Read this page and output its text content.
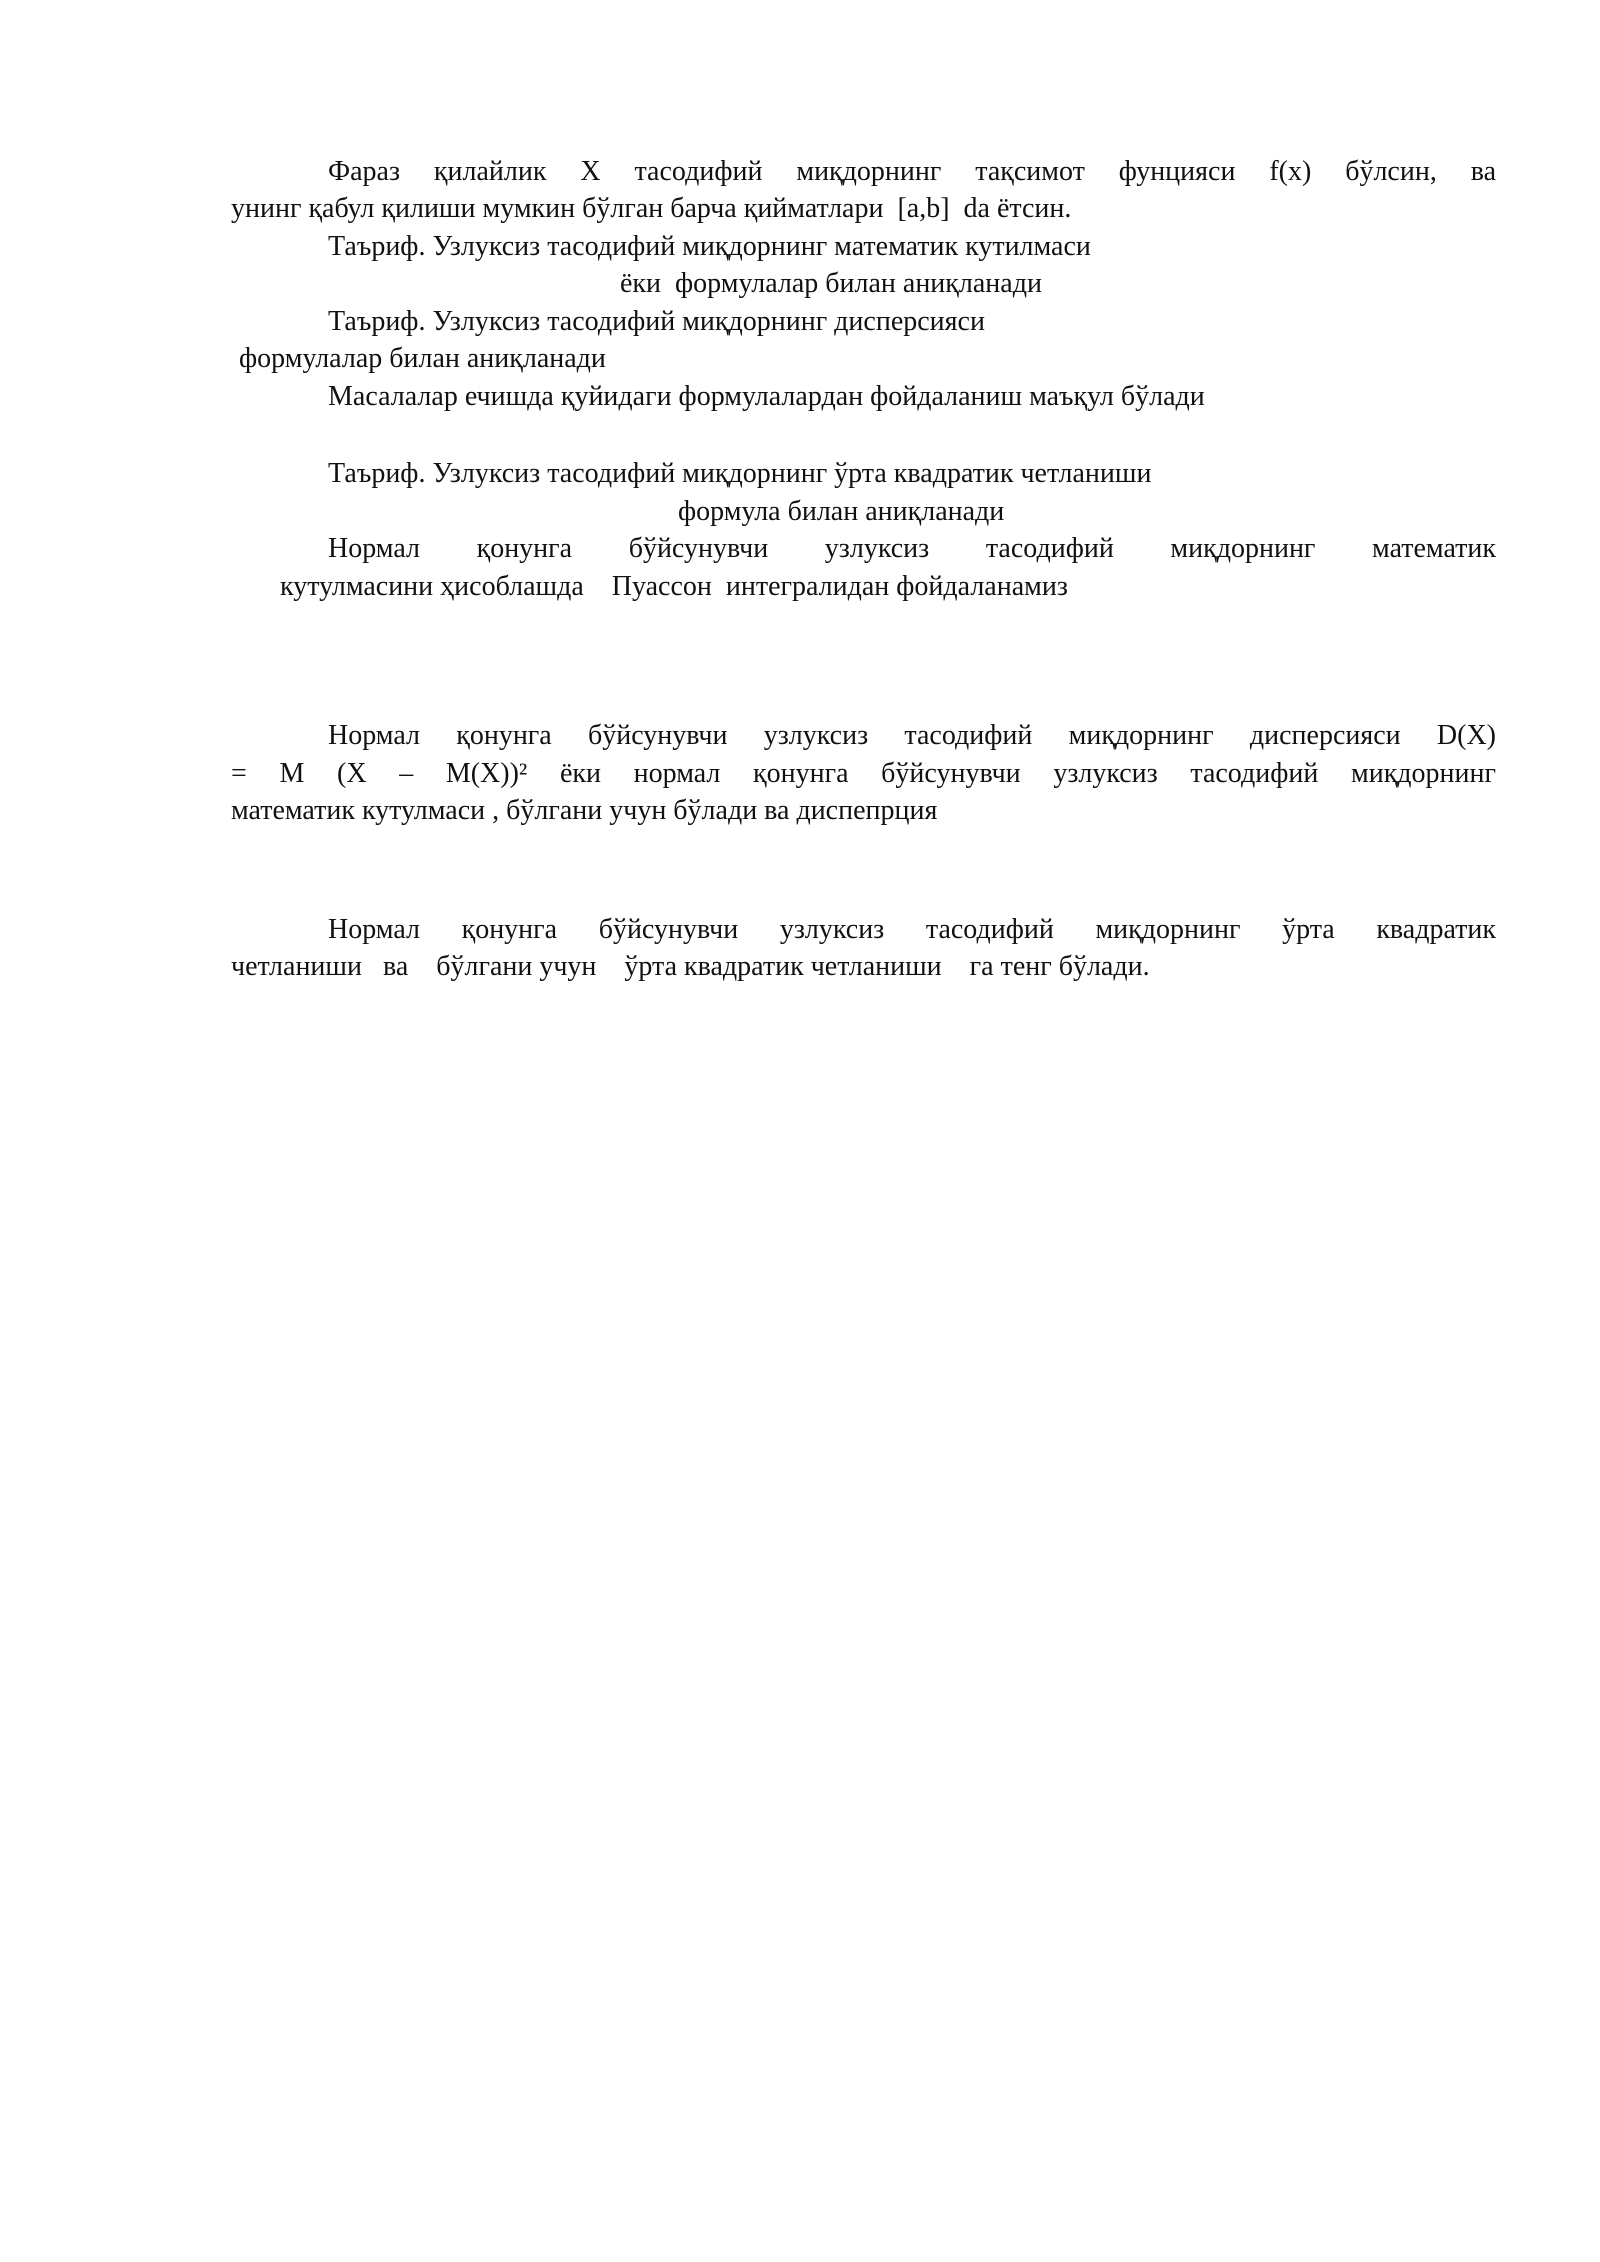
Фараз қилайлик X тасодифий миқдорнинг тақсимот фунцияси f(x) бўлсин, ва
унинг қабул қилиши мумкин бўлган барча қийматлари  [a,b]  da ётсин.
Таъриф. Узлуксиз тасодифий миқдорнинг математик кутилмаси
ёки  формулалар билан аниқланади
Таъриф. Узлуксиз тасодифий миқдорнинг дисперсияси
формулалар билан аниқланади
Масалалар ечишда қуйидаги формулалардан фойдаланиш маъқул бўлади
Таъриф. Узлуксиз тасодифий миқдорнинг ўрта квадратик четланиши
формула билан аниқланади
Нормал қонунга бўйсунувчи узлуксиз тасодифий миқдорнинг математик
кутулмасини ҳисоблашда    Пуассон  интегралидан фойдаланамиз
Нормал қонунга бўйсунувчи узлуксиз тасодифий миқдорнинг дисперсияси D(X)
= M (X – M(X))² ёки нормал қонунга бўйсунувчи узлуксиз тасодифий миқдорнинг
математик кутулмаси , бўлгани учун бўлади ва диспепрция
Нормал қонунга бўйсунувчи узлуксиз тасодифий миқдорнинг ўрта квадратик
четланиши   ва    бўлгани учун    ўрта квадратик четланиши    га тенг бўлади.
